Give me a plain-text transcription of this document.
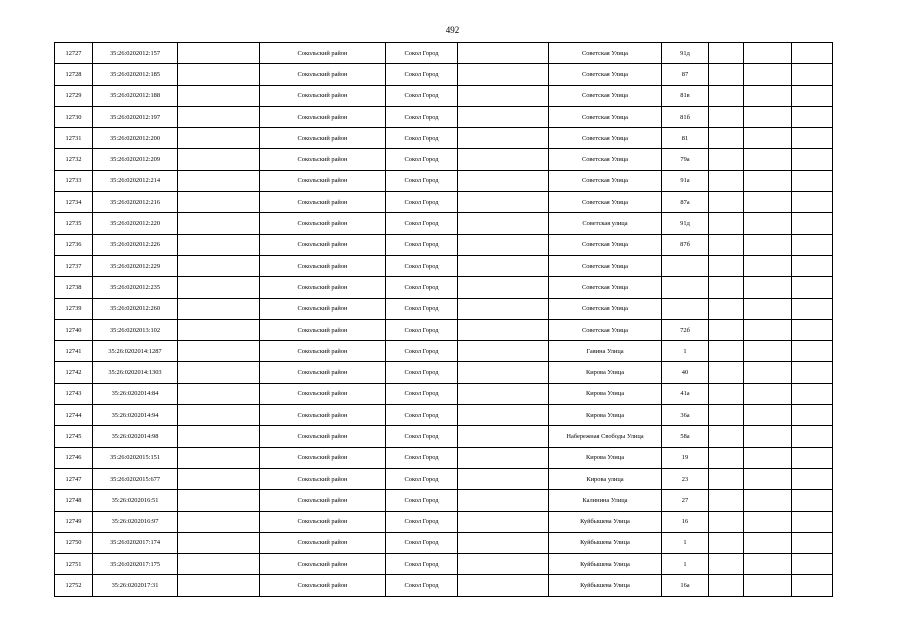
492
12727	35:26:0202012:157		Сокольский район	Сокол Город		Советская Улица	91д			
12728	35:26:0202012:185		Сокольский район	Сокол Город		Советская Улица	87			
12729	35:26:0202012:188		Сокольский район	Сокол Город		Советская Улица	81в			
12730	35:26:0202012:197		Сокольский район	Сокол Город		Советская Улица	81б			
12731	35:26:0202012:200		Сокольский район	Сокол Город		Советская Улица	81			
12732	35:26:0202012:209		Сокольский район	Сокол Город		Советская Улица	79а			
12733	35:26:0202012:214		Сокольский район	Сокол Город		Советская Улица	91а			
12734	35:26:0202012:216		Сокольский район	Сокол Город		Советская Улица	87а			
12735	35:26:0202012:220		Сокольский район	Сокол Город		Советская улица	91д			
12736	35:26:0202012:226		Сокольский район	Сокол Город		Советская Улица	87б			
12737	35:26:0202012:229		Сокольский район	Сокол Город		Советская Улица				
12738	35:26:0202012:235		Сокольский район	Сокол Город		Советская Улица				
12739	35:26:0202012:260		Сокольский район	Сокол Город		Советская Улица				
12740	35:26:0202013:102		Сокольский район	Сокол Город		Советская Улица	72б			
12741	35:26:0202014:1287		Сокольский район	Сокол Город		Гаяина Улица	1			
12742	35:26:0202014:1303		Сокольский район	Сокол Город		Кирова Улица	40			
12743	35:26:0202014:84		Сокольский район	Сокол Город		Кирова Улица	41а			
12744	35:26:0202014:94		Сокольский район	Сокол Город		Кирова Улица	36а			
12745	35:26:0202014:98		Сокольский район	Сокол Город		Набережная Свободы Улица	58а			
12746	35:26:0202015:151		Сокольский район	Сокол Город		Кирова Улица	19			
12747	35:26:0202015:677		Сокольский район	Сокол Город		Кирова улица	23			
12748	35:26:0202016:51		Сокольский район	Сокол Город		Калинина Улица	27			
12749	35:26:0202016:97		Сокольский район	Сокол Город		Куйбышева Улица	16			
12750	35:26:0202017:174		Сокольский район	Сокол Город		Куйбышева Улица	1			
12751	35:26:0202017:175		Сокольский район	Сокол Город		Куйбышева Улица	1			
12752	35:26:0202017:31		Сокольский район	Сокол Город		Куйбышева Улица	16а			
